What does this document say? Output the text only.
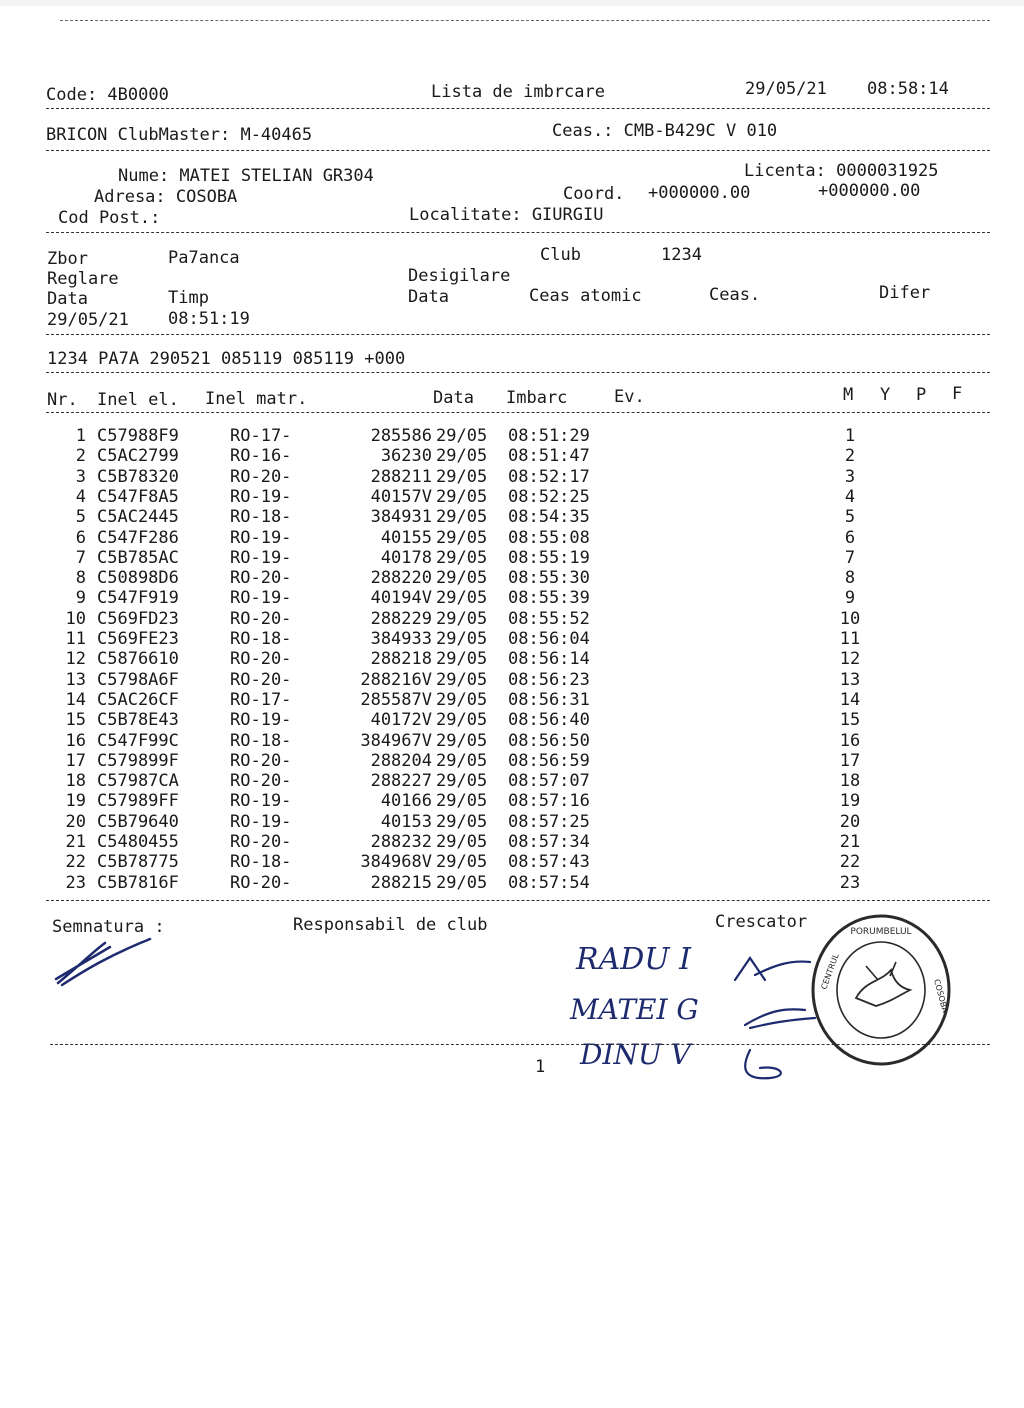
Code: 4B0000	Lista de imbrcare	29/05/21 08:58:14
BRICON ClubMaster: M-40465	Ceas.: CMB-B429C V 010
Nume: MATEI STELIAN GR304	Licenta: 0000031925
Adresa: COSOBA	Coord. +000000.00	+000000.00
Cod Post.:	Localitate: GIURGIU
Zbor	Pa7anca	Club	1234
Reglare	Desigilare
Data	Timp	Data	Ceas atomic	Ceas.	Difer
29/05/21 08:51:19
1234 PA7A 290521 085119 085119 +000
Nr. Inel el. Inel matr.	Data Imbarc	Ev.	M Y P F
1 C57988F9	RO-17-	285586 29/05 08:51:29	1
2 C5AC2799	RO-16-	36230 29/05 08:51:47	2
3 C5B78320	RO-20-	288211 29/05 08:52:17	3
4 C547F8A5	RO-19-	40157V 29/05 08:52:25	4
5 C5AC2445	RO-18-	384931 29/05 08:54:35	5
6 C547F286	RO-19-	40155 29/05 08:55:08	6
7 C5B785AC	RO-19-	40178 29/05 08:55:19	7
8 C50898D6	RO-20-	288220 29/05 08:55:30	8
9 C547F919	RO-19-	40194V 29/05 08:55:39	9
10 C569FD23	RO-20-	288229 29/05 08:55:52	10
11 C569FE23	RO-18-	384933 29/05 08:56:04	11
12 C5876610	RO-20-	288218 29/05 08:56:14	12
13 C5798A6F	RO-20-	288216V 29/05 08:56:23	13
14 C5AC26CF	RO-17-	285587V 29/05 08:56:31	14
15 C5B78E43	RO-19-	40172V 29/05 08:56:40	15
16 C547F99C	RO-18-	384967V 29/05 08:56:50	16
17 C579899F	RO-20-	288204 29/05 08:56:59	17
18 C57987CA	RO-20-	288227 29/05 08:57:07	18
19 C57989FF	RO-19-	40166 29/05 08:57:16	19
20 C5B79640	RO-19-	40153 29/05 08:57:25	20
21 C5480455	RO-20-	288232 29/05 08:57:34	21
22 C5B78775	RO-18-	384968V 29/05 08:57:43	22
23 C5B7816F	RO-20-	288215 29/05 08:57:54	23
Semnatura :	Responsabil de club	Crescator
RADU I
MATEI G
DINU V
PORUMBELUL
CENTRUL
COSOBA
1
